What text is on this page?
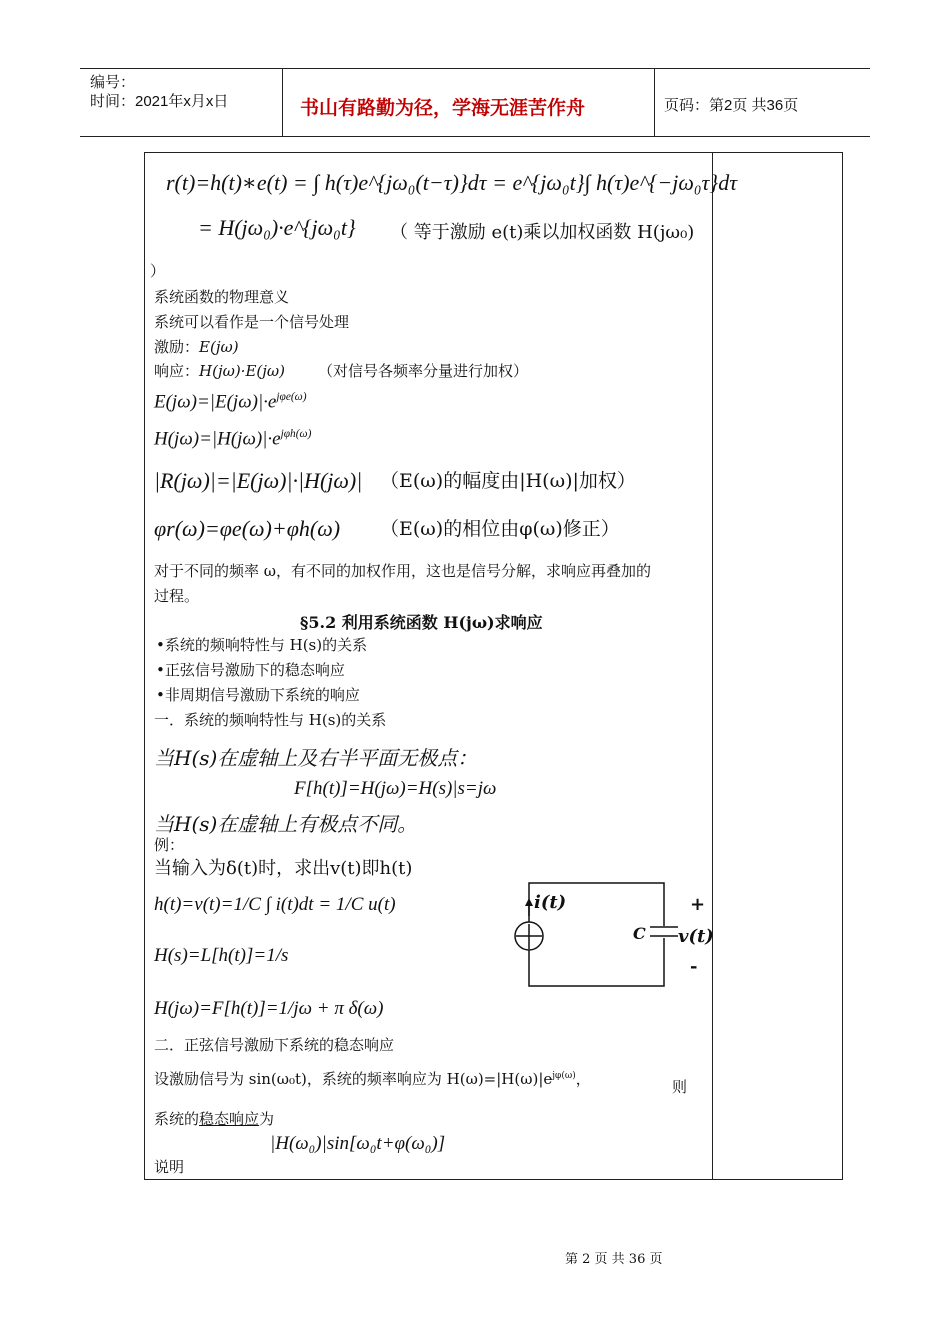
编号：
时间：2021年x月x日	书山有路勤为径，学海无涯苦作舟	页码：第2页 共36页
r(t)=h(t)∗e(t) = ∫ h(τ)e^{jω₀(t−τ)}dτ = e^{jω₀t}∫ h(τ)e^{−jω₀τ}dτ
= H(jω₀)·e^{jω₀t} （ 等于激励 e(t)乘以加权函数 H(jω₀)
）
系统函数的物理意义
系统可以看作是一个信号处理
激励：E(jω)
响应：H(jω)·E(jω) （对信号各频率分量进行加权）
$E(j\omega)=|E(j\omega)|\cdot e^{j\varphi e(\omega)}$
$H(j\omega)=|H(j\omega)|\cdot e^{j\varphi h(\omega)}$
|R(jω)|=|E(jω)|·|H(jω)| （E(ω)的幅度由|H(ω)|加权）
φr(ω)=φe(ω)+φh(ω) （E(ω)的相位由φ(ω)修正）
对于不同的频率 ω，有不同的加权作用，这也是信号分解，求响应再叠加的
过程。
§5.2 利用系统函数 H(jω)求响应
•系统的频响特性与 H(s)的关系
•正弦信号激励下的稳态响应
•非周期信号激励下系统的响应
一．系统的频响特性与 H(s)的关系
当H(s)在虚轴上及右半平面无极点：
F[h(t)]=H(jω)=H(s)|s=jω
当H(s)在虚轴上有极点不同。
例：
当输入为δ(t)时，求出v(t)即h(t)
h(t)=v(t)=1/C ∫ i(t)dt = 1/C u(t)
H(s)=L[h(t)]=1/s
H(jω)=F[h(t)]=1/jω + π δ(ω)
i(t)
C
+
v(t)
-
二．正弦信号激励下系统的稳态响应
设激励信号为 sin(ω₀t)，系统的频率响应为 $H(\omega)=|H(\omega)|e^{j\varphi(\omega)}$，	则
系统的稳态响应为
|H(ω₀)|sin[ω₀t+φ(ω₀)]
说明
第 2 页 共 36 页
